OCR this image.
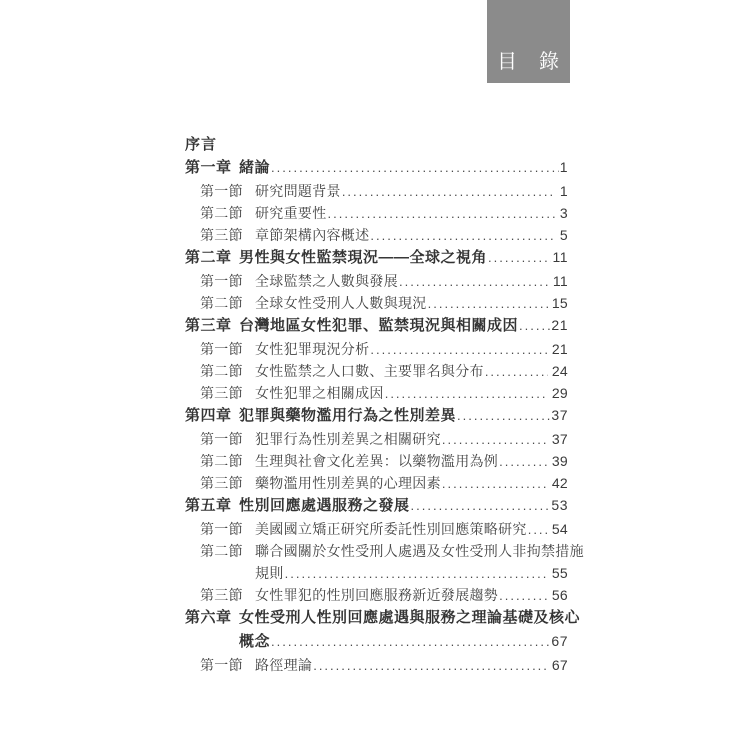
目　錄
序言
第一章 緒論 .....	1
第一節 研究問題背景 .....	1
第二節 研究重要性 .....	3
第三節 章節架構內容概述 .....	5
第二章 男性與女性監禁現況——全球之視角 .....	11
第一節 全球監禁之人數與發展 .....	11
第二節 全球女性受刑人人數與現況 .....	15
第三章 台灣地區女性犯罪、監禁現況與相關成因 ..... 21
第一節 女性犯罪現況分析 .....	21
第二節 女性監禁之人口數、主要罪名與分布 .....	24
第三節 女性犯罪之相關成因 .....	29
第四章 犯罪與藥物濫用行為之性別差異 .....	37
第一節 犯罪行為性別差異之相關研究 .....	37
第二節 生理與社會文化差異：以藥物濫用為例 .....	39
第三節 藥物濫用性別差異的心理因素 .....	42
第五章 性別回應處遇服務之發展 .....	53
第一節 美國國立矯正研究所委託性別回應策略研究 ..... 54
第二節 聯合國關於女性受刑人處遇及女性受刑人非拘禁措施
規則 .....	55
第三節 女性罪犯的性別回應服務新近發展趨勢 .....	56
第六章 女性受刑人性別回應處遇與服務之理論基礎及核心
概念 .....	67
第一節 路徑理論 .....	67
